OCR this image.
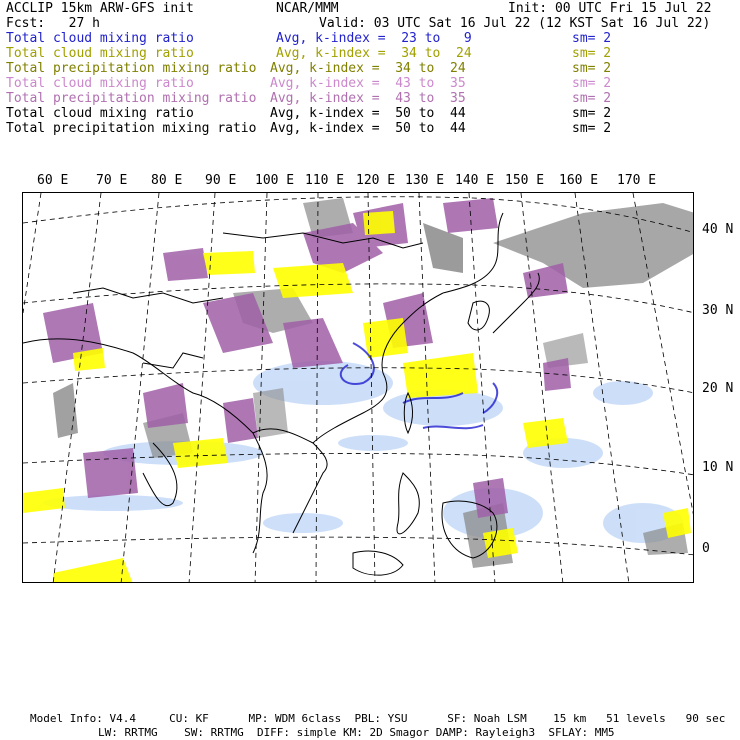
ACCLIP 15km ARW-GFS init	NCAR/MMM	Init: 00 UTC Fri 15 Jul 22
Fcst:   27 h	Valid: 03 UTC Sat 16 Jul 22 (12 KST Sat 16 Jul 22)
Total cloud mixing ratio	Avg, k-index =  23 to   9	sm= 2
Total cloud mixing ratio	Avg, k-index =  34 to  24	sm= 2
Total precipitation mixing ratio Avg, k-index =  34 to  24	sm= 2
Total cloud mixing ratio	Avg, k-index =  43 to  35	sm= 2
Total precipitation mixing ratio Avg, k-index =  43 to  35	sm= 2
Total cloud mixing ratio	Avg, k-index =  50 to  44	sm= 2
Total precipitation mixing ratio Avg, k-index =  50 to  44	sm= 2
60 E 70 E 80 E 90 E 100 E 110 E 120 E 130 E 140 E 150 E 160 E 170 E
40 N
30 N
20 N
10 N
0
Model Info: V4.4     CU: KF      MP: WDM 6class  PBL: YSU      SF: Noah LSM    15 km   51 levels   90 sec
LW: RRTMG    SW: RRTMG  DIFF: simple KM: 2D Smagor DAMP: Rayleigh3  SFLAY: MM5
